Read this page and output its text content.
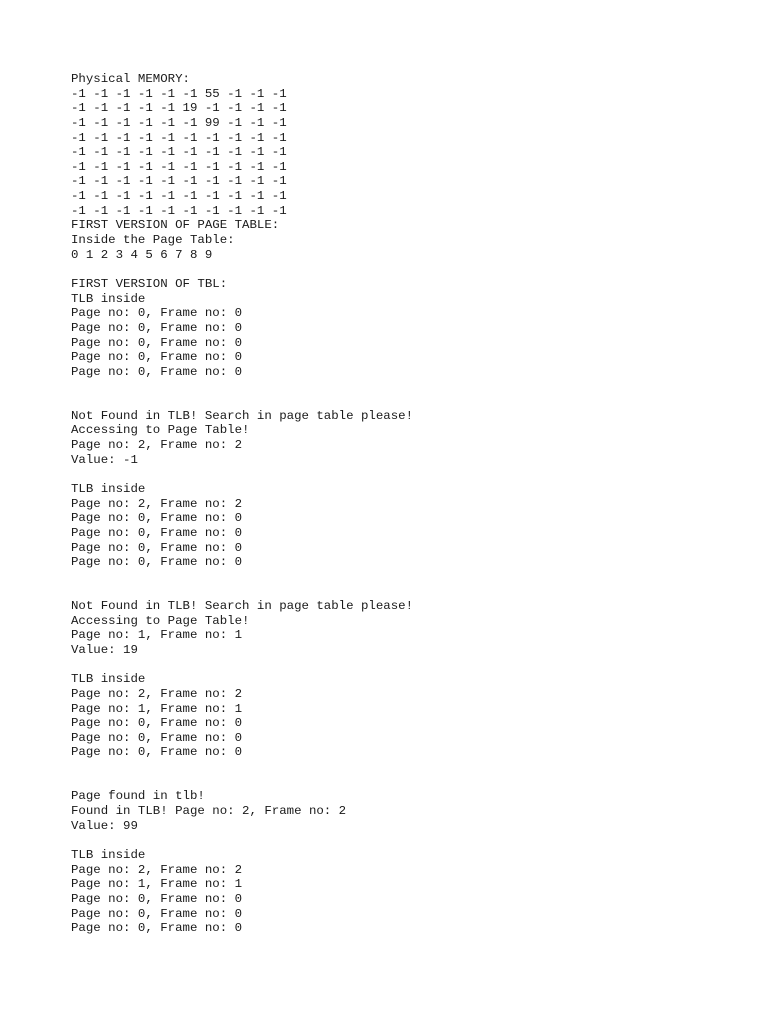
Physical MEMORY:
-1 -1 -1 -1 -1 -1 55 -1 -1 -1
-1 -1 -1 -1 -1 19 -1 -1 -1 -1
-1 -1 -1 -1 -1 -1 99 -1 -1 -1
-1 -1 -1 -1 -1 -1 -1 -1 -1 -1
-1 -1 -1 -1 -1 -1 -1 -1 -1 -1
-1 -1 -1 -1 -1 -1 -1 -1 -1 -1
-1 -1 -1 -1 -1 -1 -1 -1 -1 -1
-1 -1 -1 -1 -1 -1 -1 -1 -1 -1
-1 -1 -1 -1 -1 -1 -1 -1 -1 -1
FIRST VERSION OF PAGE TABLE:
Inside the Page Table:
0 1 2 3 4 5 6 7 8 9
FIRST VERSION OF TBL:
TLB inside
Page no: 0, Frame no: 0
Page no: 0, Frame no: 0
Page no: 0, Frame no: 0
Page no: 0, Frame no: 0
Page no: 0, Frame no: 0
Not Found in TLB! Search in page table please!
Accessing to Page Table!
Page no: 2, Frame no: 2
Value: -1
TLB inside
Page no: 2, Frame no: 2
Page no: 0, Frame no: 0
Page no: 0, Frame no: 0
Page no: 0, Frame no: 0
Page no: 0, Frame no: 0
Not Found in TLB! Search in page table please!
Accessing to Page Table!
Page no: 1, Frame no: 1
Value: 19
TLB inside
Page no: 2, Frame no: 2
Page no: 1, Frame no: 1
Page no: 0, Frame no: 0
Page no: 0, Frame no: 0
Page no: 0, Frame no: 0
Page found in tlb!
Found in TLB! Page no: 2, Frame no: 2
Value: 99
TLB inside
Page no: 2, Frame no: 2
Page no: 1, Frame no: 1
Page no: 0, Frame no: 0
Page no: 0, Frame no: 0
Page no: 0, Frame no: 0
